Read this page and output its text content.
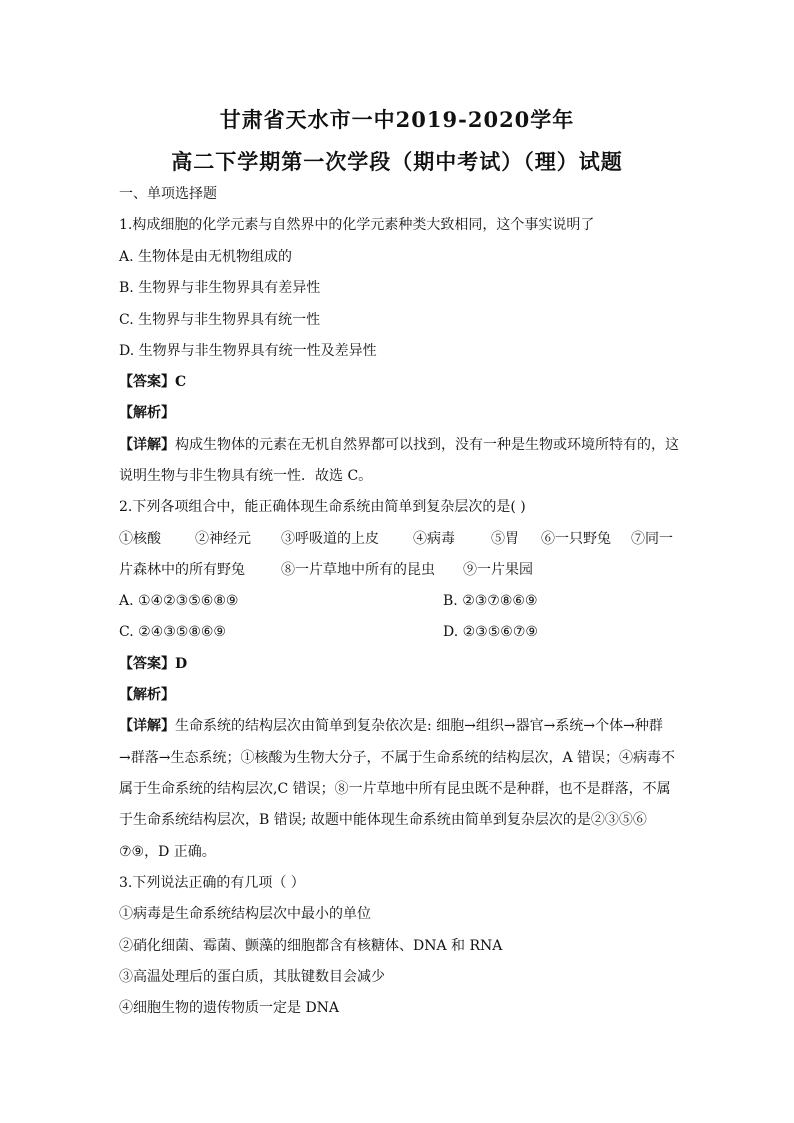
甘肃省天水市一中2019-2020学年
高二下学期第一次学段（期中考试）（理）试题
一、单项选择题
1.构成细胞的化学元素与自然界中的化学元素种类大致相同，这个事实说明了
A. 生物体是由无机物组成的
B. 生物界与非生物界具有差异性
C. 生物界与非生物界具有统一性
D. 生物界与非生物界具有统一性及差异性
【答案】C
【解析】
【详解】构成生物体的元素在无机自然界都可以找到，没有一种是生物或环境所特有的，这
说明生物与非生物具有统一性．故选 C。
2.下列各项组合中，能正确体现生命系统由简单到复杂层次的是( )
①核酸 ②神经元 ③呼吸道的上皮 ④病毒	⑤胃 ⑥一只野兔 ⑦同一
片森林中的所有野兔	⑧一片草地中所有的昆虫 ⑨一片果园
A. ①④②③⑤⑥⑧⑨	B. ②③⑦⑧⑥⑨
C. ②④③⑤⑧⑥⑨	D. ②③⑤⑥⑦⑨
【答案】D
【解析】
【详解】生命系统的结构层次由简单到复杂依次是: 细胞→组织→器官→系统→个体→种群
→群落→生态系统；①核酸为生物大分子，不属于生命系统的结构层次，A 错误；④病毒不
属于生命系统的结构层次,C 错误；⑧一片草地中所有昆虫既不是种群，也不是群落，不属
于生命系统结构层次，B 错误; 故题中能体现生命系统由简单到复杂层次的是②③⑤⑥
⑦⑨，D 正确。
3.下列说法正确的有几项（ ）
①病毒是生命系统结构层次中最小的单位
②硝化细菌、霉菌、颤藻的细胞都含有核糖体、DNA 和 RNA
③高温处理后的蛋白质，其肽键数目会减少
④细胞生物的遗传物质一定是 DNA
